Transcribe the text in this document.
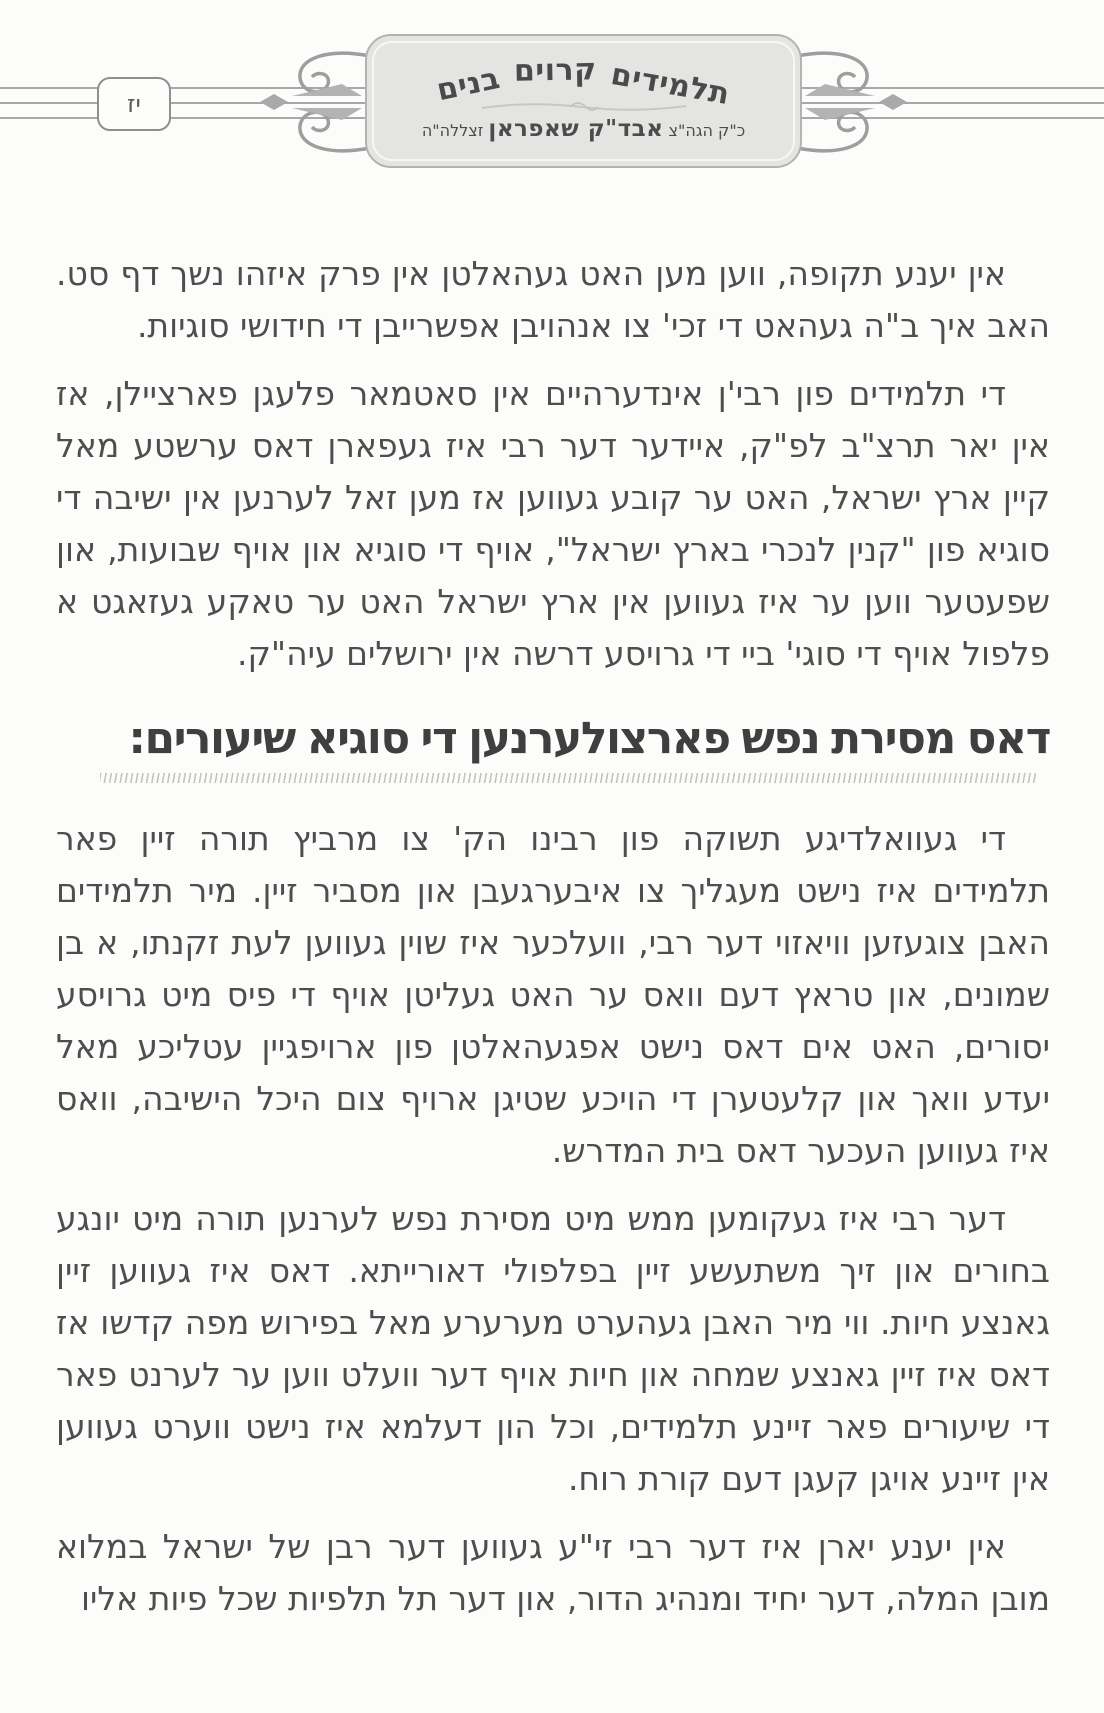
יז	תלמידים
קרוים
בנים
כ"ק הגה"צ אבד"ק שאפראן זצללה"ה

אין יענע תקופה, ווען מען האט געהאלטן אין פרק איזהו נשך דף סט. האב איך ב"ה געהאט די זכי' צו אנהויבן אפשרייבן די חידושי סוגיות.

די תלמידים פון רבי'ן אינדערהיים אין סאטמאר פלעגן פארציילן, אז אין יאר תרצ"ב לפ"ק, איידער דער רבי איז געפארן דאס ערשטע מאל קיין ארץ ישראל, האט ער קובע געווען אז מען זאל לערנען אין ישיבה די סוגיא פון "קנין לנכרי בארץ ישראל", אויף די סוגיא און אויף שבועות, און שפעטער ווען ער איז געווען אין ארץ ישראל האט ער טאקע געזאגט א פלפול אויף די סוגי' ביי די גרויסע דרשה אין ירושלים עיה"ק.

דאס מסירת נפש פארצולערנען די סוגיא שיעורים:

די געוואלדיגע תשוקה פון רבינו הק' צו מרביץ תורה זיין פאר תלמידים איז נישט מעגליך צו איבערגעבן און מסביר זיין. מיר תלמידים האבן צוגעזען וויאזוי דער רבי, וועלכער איז שוין געווען לעת זקנתו, א בן שמונים, און טראץ דעם וואס ער האט געליטן אויף די פיס מיט גרויסע יסורים, האט אים דאס נישט אפגעהאלטן פון ארויפגיין עטליכע מאל יעדע וואך און קלעטערן די הויכע שטיגן ארויף צום היכל הישיבה, וואס איז געווען העכער דאס בית המדרש.

דער רבי איז געקומען ממש מיט מסירת נפש לערנען תורה מיט יונגע בחורים און זיך משתעשע זיין בפלפולי דאורייתא. דאס איז געווען זיין גאנצע חיות. ווי מיר האבן געהערט מערערע מאל בפירוש מפה קדשו אז דאס איז זיין גאנצע שמחה און חיות אויף דער וועלט ווען ער לערנט פאר די שיעורים פאר זיינע תלמידים, וכל הון דעלמא איז נישט ווערט געווען אין זיינע אויגן קעגן דעם קורת רוח.

אין יענע יארן איז דער רבי זי"ע געווען דער רבן של ישראל במלוא מובן המלה, דער יחיד ומנהיג הדור, און דער תל תלפיות שכל פיות אליו
